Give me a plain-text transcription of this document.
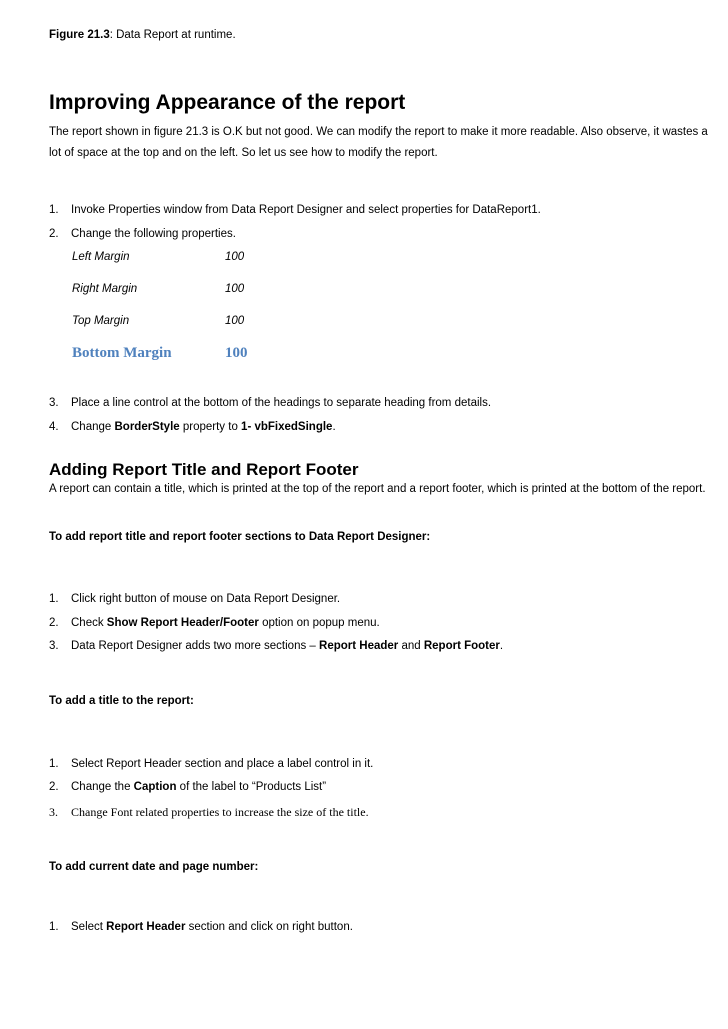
Figure 21.3: Data Report at runtime.
Improving Appearance of the report
The report shown in figure 21.3 is O.K but not good. We can modify the report to make it more readable. Also observe, it wastes a lot of space at the top and on the left. So let us see how to modify the report.
1. Invoke Properties window from Data Report Designer and select properties for DataReport1.
2. Change the following properties.
Left Margin	100
Right Margin	100
Top Margin	100
Bottom Margin	100
3. Place a line control at the bottom of the headings to separate heading from details.
4. Change BorderStyle property to 1- vbFixedSingle.
Adding Report Title and Report Footer
A report can contain a title, which is printed at the top of the report and a report footer, which is printed at the bottom of the report.
To add report title and report footer sections to Data Report Designer:
1. Click right button of mouse on Data Report Designer.
2. Check Show Report Header/Footer option on popup menu.
3. Data Report Designer adds two more sections – Report Header and Report Footer.
To add a title to the report:
1. Select Report Header section and place a label control in it.
2. Change the Caption of the label to “Products List”
3. Change Font related properties to increase the size of the title.
To add current date and page number:
1. Select Report Header section and click on right button.
